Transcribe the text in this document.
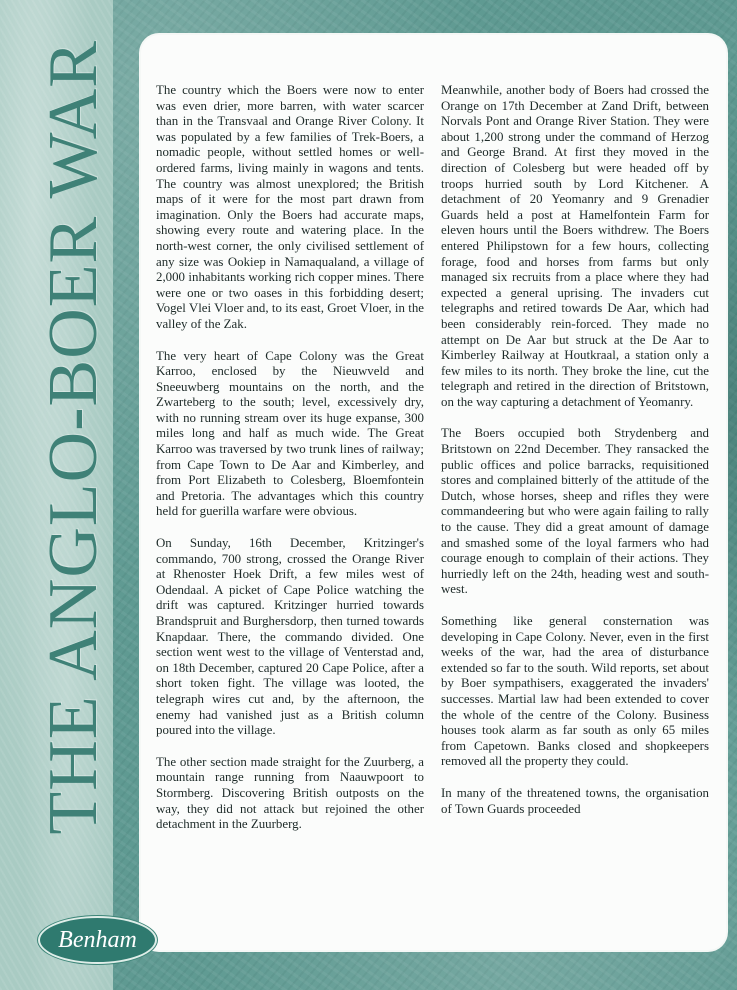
THE ANGLO-BOER WAR	The country which the Boers were now to enter was even drier, more barren, with water scarcer than in the Transvaal and Orange River Colony. It was populated by a few families of Trek-Boers, a nomadic people, without settled homes or well-ordered farms, living mainly in wagons and tents. The country was almost unexplored; the British maps of it were for the most part drawn from imagination. Only the Boers had accurate maps, showing every route and watering place. In the north-west corner, the only civilised settlement of any size was Ookiep in Namaqualand, a village of 2,000 inhabitants working rich copper mines. There were one or two oases in this forbidding desert; Vogel Vlei Vloer and, to its east, Groet Vloer, in the valley of the Zak.

The very heart of Cape Colony was the Great Karroo, enclosed by the Nieuwveld and Sneeuwberg mountains on the north, and the Zwarteberg to the south; level, excessively dry, with no running stream over its huge expanse, 300 miles long and half as much wide. The Great Karroo was traversed by two trunk lines of railway; from Cape Town to De Aar and Kimberley, and from Port Elizabeth to Colesberg, Bloemfontein and Pretoria. The advantages which this country held for guerilla warfare were obvious.

On Sunday, 16th December, Kritzinger's commando, 700 strong, crossed the Orange River at Rhenoster Hoek Drift, a few miles west of Odendaal. A picket of Cape Police watching the drift was captured. Kritzinger hurried towards Brandspruit and Burghersdorp, then turned towards Knapdaar. There, the commando divided. One section went west to the village of Venterstad and, on 18th December, captured 20 Cape Police, after a short token fight. The village was looted, the telegraph wires cut and, by the afternoon, the enemy had vanished just as a British column poured into the village.

The other section made straight for the Zuurberg, a mountain range running from Naauwpoort to Stormberg. Discovering British outposts on the way, they did not attack but rejoined the other detachment in the Zuurberg.

Meanwhile, another body of Boers had crossed the Orange on 17th December at Zand Drift, between Norvals Pont and Orange River Station. They were about 1,200 strong under the command of Herzog and George Brand. At first they moved in the direction of Colesberg but were headed off by troops hurried south by Lord Kitchener. A detachment of 20 Yeomanry and 9 Grenadier Guards held a post at Hamelfontein Farm for eleven hours until the Boers withdrew. The Boers entered Philipstown for a few hours, collecting forage, food and horses from farms but only managed six recruits from a place where they had expected a general uprising. The invaders cut telegraphs and retired towards De Aar, which had been considerably rein-forced. They made no attempt on De Aar but struck at the De Aar to Kimberley Railway at Houtkraal, a station only a few miles to its north. They broke the line, cut the telegraph and retired in the direction of Britstown, on the way capturing a detachment of Yeomanry.

The Boers occupied both Strydenberg and Britstown on 22nd December. They ransacked the public offices and police barracks, requisitioned stores and complained bitterly of the attitude of the Dutch, whose horses, sheep and rifles they were commandeering but who were again failing to rally to the cause. They did a great amount of damage and smashed some of the loyal farmers who had courage enough to complain of their actions. They hurriedly left on the 24th, heading west and south-west.

Something like general consternation was developing in Cape Colony. Never, even in the first weeks of the war, had the area of disturbance extended so far to the south. Wild reports, set about by Boer sympathisers, exaggerated the invaders' successes. Martial law had been extended to cover the whole of the centre of the Colony. Business houses took alarm as far south as only 65 miles from Capetown. Banks closed and shopkeepers removed all the property they could.

In many of the threatened towns, the organisation of Town Guards proceeded

Benham
